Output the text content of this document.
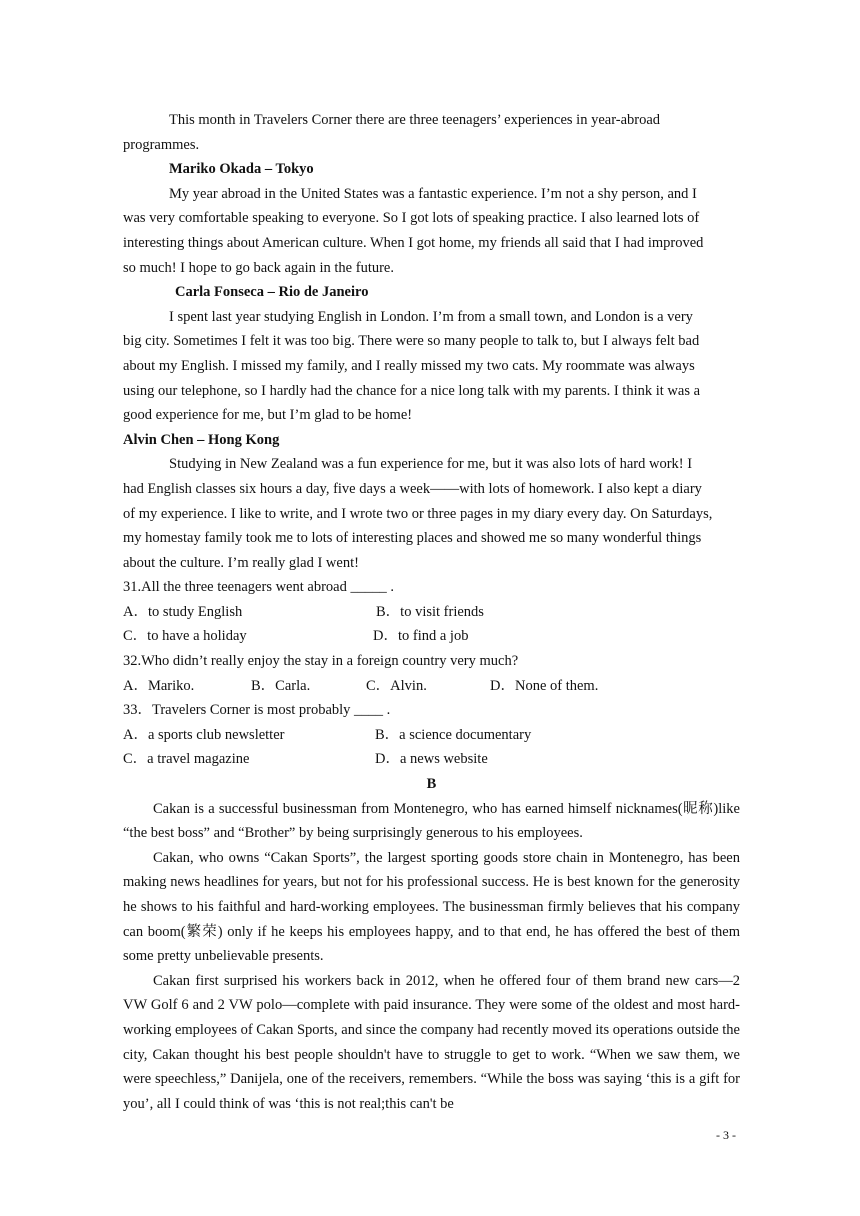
This month in Travelers Corner there are three teenagers’ experiences in year-abroad
programmes.
Mariko Okada – Tokyo
My year abroad in the United States was a fantastic experience. I’m not a shy person, and I
was very comfortable speaking to everyone. So I got lots of speaking practice. I also learned lots of
interesting things about American culture. When I got home, my friends all said that I had improved
so much! I hope to go back again in the future.
Carla Fonseca – Rio de Janeiro
I spent last year studying English in London. I’m from a small town, and London is a very
big city. Sometimes I felt it was too big. There were so many people to talk to, but I always felt bad
about my English. I missed my family, and I really missed my two cats. My roommate was always
using our telephone, so I hardly had the chance for a nice long talk with my parents. I think it was a
good experience for me, but I’m glad to be home!
Alvin Chen – Hong Kong
Studying in New Zealand was a fun experience for me, but it was also lots of hard work! I
had English classes six hours a day, five days a week——with lots of homework. I also kept a diary
of my experience. I like to write, and I wrote two or three pages in my diary every day. On Saturdays,
my homestay family took me to lots of interesting places and showed me so many wonderful things
about the culture. I’m really glad I went!
31.All the three teenagers went abroad _____ .
A．to study English	B．to visit friends
C．to have a holiday	D．to find a job
32.Who didn’t really enjoy the stay in a foreign country very much?
A．Mariko.	B．Carla.	C．Alvin.	D．None of them.
33．Travelers Corner is most probably ____ .
A．a sports club newsletter	B．a science documentary
C．a travel magazine	D．a news website
B
Cakan is a successful businessman from Montenegro, who has earned himself nicknames(昵称)like “the best boss” and “Brother” by being surprisingly generous to his employees.
Cakan, who owns “Cakan Sports”, the largest sporting goods store chain in Montenegro, has been making news headlines for years, but not for his professional success. He is best known for the generosity he shows to his faithful and hard-working employees. The businessman firmly believes that his company can boom(繁荣) only if he keeps his employees happy, and to that end, he has offered the best of them some pretty unbelievable presents.
Cakan first surprised his workers back in 2012, when he offered four of them brand new cars—2 VW Golf 6 and 2 VW polo—complete with paid insurance. They were some of the oldest and most hard-working employees of Cakan Sports, and since the company had recently moved its operations outside the city, Cakan thought his best people shouldn't have to struggle to get to work. “When we saw them, we were speechless,” Danijela, one of the receivers, remembers. “While the boss was saying ‘this is a gift for you’, all I could think of was ‘this is not real;this can't be
- 3 -
